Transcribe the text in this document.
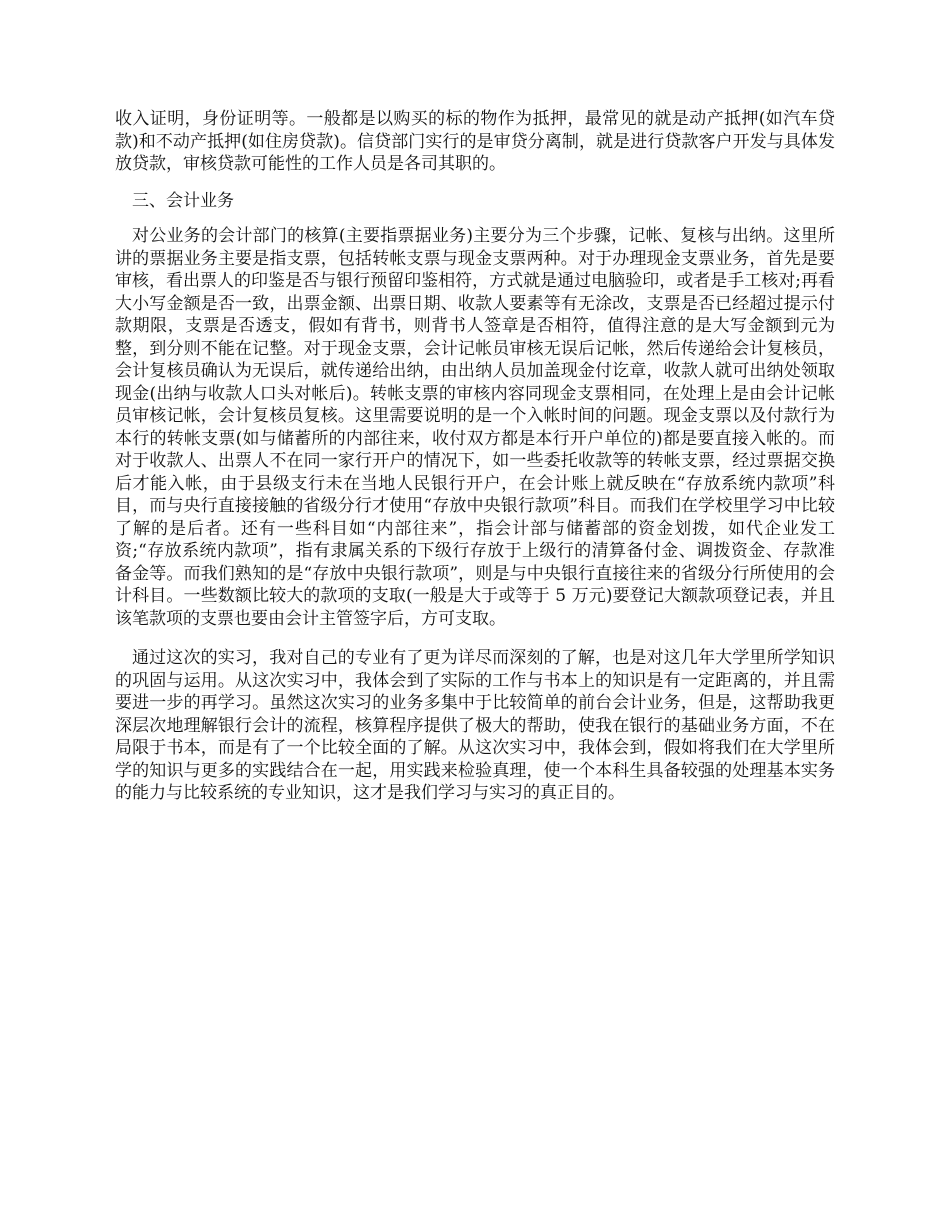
收入证明，身份证明等。一般都是以购买的标的物作为抵押，最常见的就是动产抵押(如汽车贷款)和不动产抵押(如住房贷款)。信贷部门实行的是审贷分离制，就是进行贷款客户开发与具体发放贷款，审核贷款可能性的工作人员是各司其职的。

三、会计业务

对公业务的会计部门的核算(主要指票据业务)主要分为三个步骤，记帐、复核与出纳。这里所讲的票据业务主要是指支票，包括转帐支票与现金支票两种。对于办理现金支票业务，首先是要审核，看出票人的印鉴是否与银行预留印鉴相符，方式就是通过电脑验印，或者是手工核对;再看大小写金额是否一致，出票金额、出票日期、收款人要素等有无涂改，支票是否已经超过提示付款期限，支票是否透支，假如有背书，则背书人签章是否相符，值得注意的是大写金额到元为整，到分则不能在记整。对于现金支票，会计记帐员审核无误后记帐，然后传递给会计复核员，会计复核员确认为无误后，就传递给出纳，由出纳人员加盖现金付讫章，收款人就可出纳处领取现金(出纳与收款人口头对帐后)。转帐支票的审核内容同现金支票相同，在处理上是由会计记帐员审核记帐，会计复核员复核。这里需要说明的是一个入帐时间的问题。现金支票以及付款行为本行的转帐支票(如与储蓄所的内部往来，收付双方都是本行开户单位的)都是要直接入帐的。而对于收款人、出票人不在同一家行开户的情况下，如一些委托收款等的转帐支票，经过票据交换后才能入帐，由于县级支行未在当地人民银行开户，在会计账上就反映在“存放系统内款项”科目，而与央行直接接触的省级分行才使用“存放中央银行款项”科目。而我们在学校里学习中比较了解的是后者。还有一些科目如“内部往来”，指会计部与储蓄部的资金划拨，如代企业发工资;“存放系统内款项”，指有隶属关系的下级行存放于上级行的清算备付金、调拨资金、存款准备金等。而我们熟知的是“存放中央银行款项”，则是与中央银行直接往来的省级分行所使用的会计科目。一些数额比较大的款项的支取(一般是大于或等于 5 万元)要登记大额款项登记表，并且该笔款项的支票也要由会计主管签字后，方可支取。

通过这次的实习，我对自己的专业有了更为详尽而深刻的了解，也是对这几年大学里所学知识的巩固与运用。从这次实习中，我体会到了实际的工作与书本上的知识是有一定距离的，并且需要进一步的再学习。虽然这次实习的业务多集中于比较简单的前台会计业务，但是，这帮助我更深层次地理解银行会计的流程，核算程序提供了极大的帮助，使我在银行的基础业务方面，不在局限于书本，而是有了一个比较全面的了解。从这次实习中，我体会到，假如将我们在大学里所学的知识与更多的实践结合在一起，用实践来检验真理，使一个本科生具备较强的处理基本实务的能力与比较系统的专业知识，这才是我们学习与实习的真正目的。
